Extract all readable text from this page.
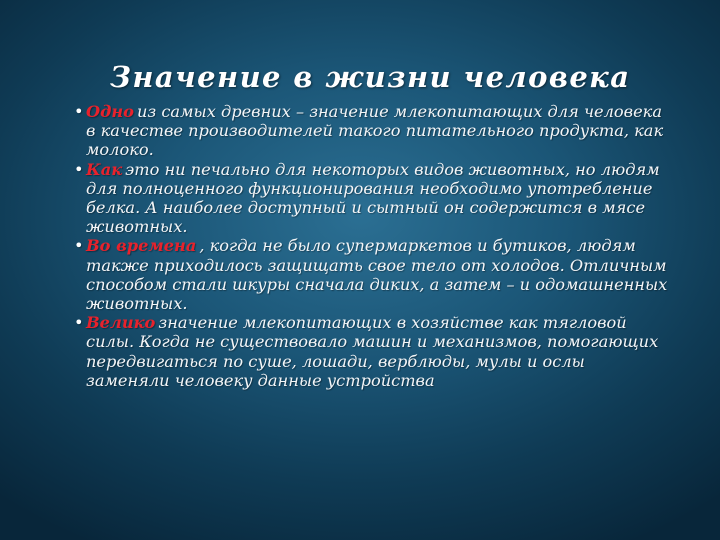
Значение в жизни человека

• Одно из самых древних – значение млекопитающих для человека в качестве производителей такого питательного продукта, как молоко.

• Как это ни печально для некоторых видов животных, но людям для полноценного функционирования необходимо употребление белка. А наиболее доступный и сытный он содержится в мясе животных.

• Во времена , когда не было супермаркетов и бутиков, людям также приходилось защищать свое тело от холодов. Отличным способом стали шкуры сначала диких, а затем – и одомашненных животных.

• Велико значение млекопитающих в хозяйстве как тягловой силы. Когда не существовало машин и механизмов, помогающих передвигаться по суше, лошади, верблюды, мулы и ослы заменяли человеку данные устройства
